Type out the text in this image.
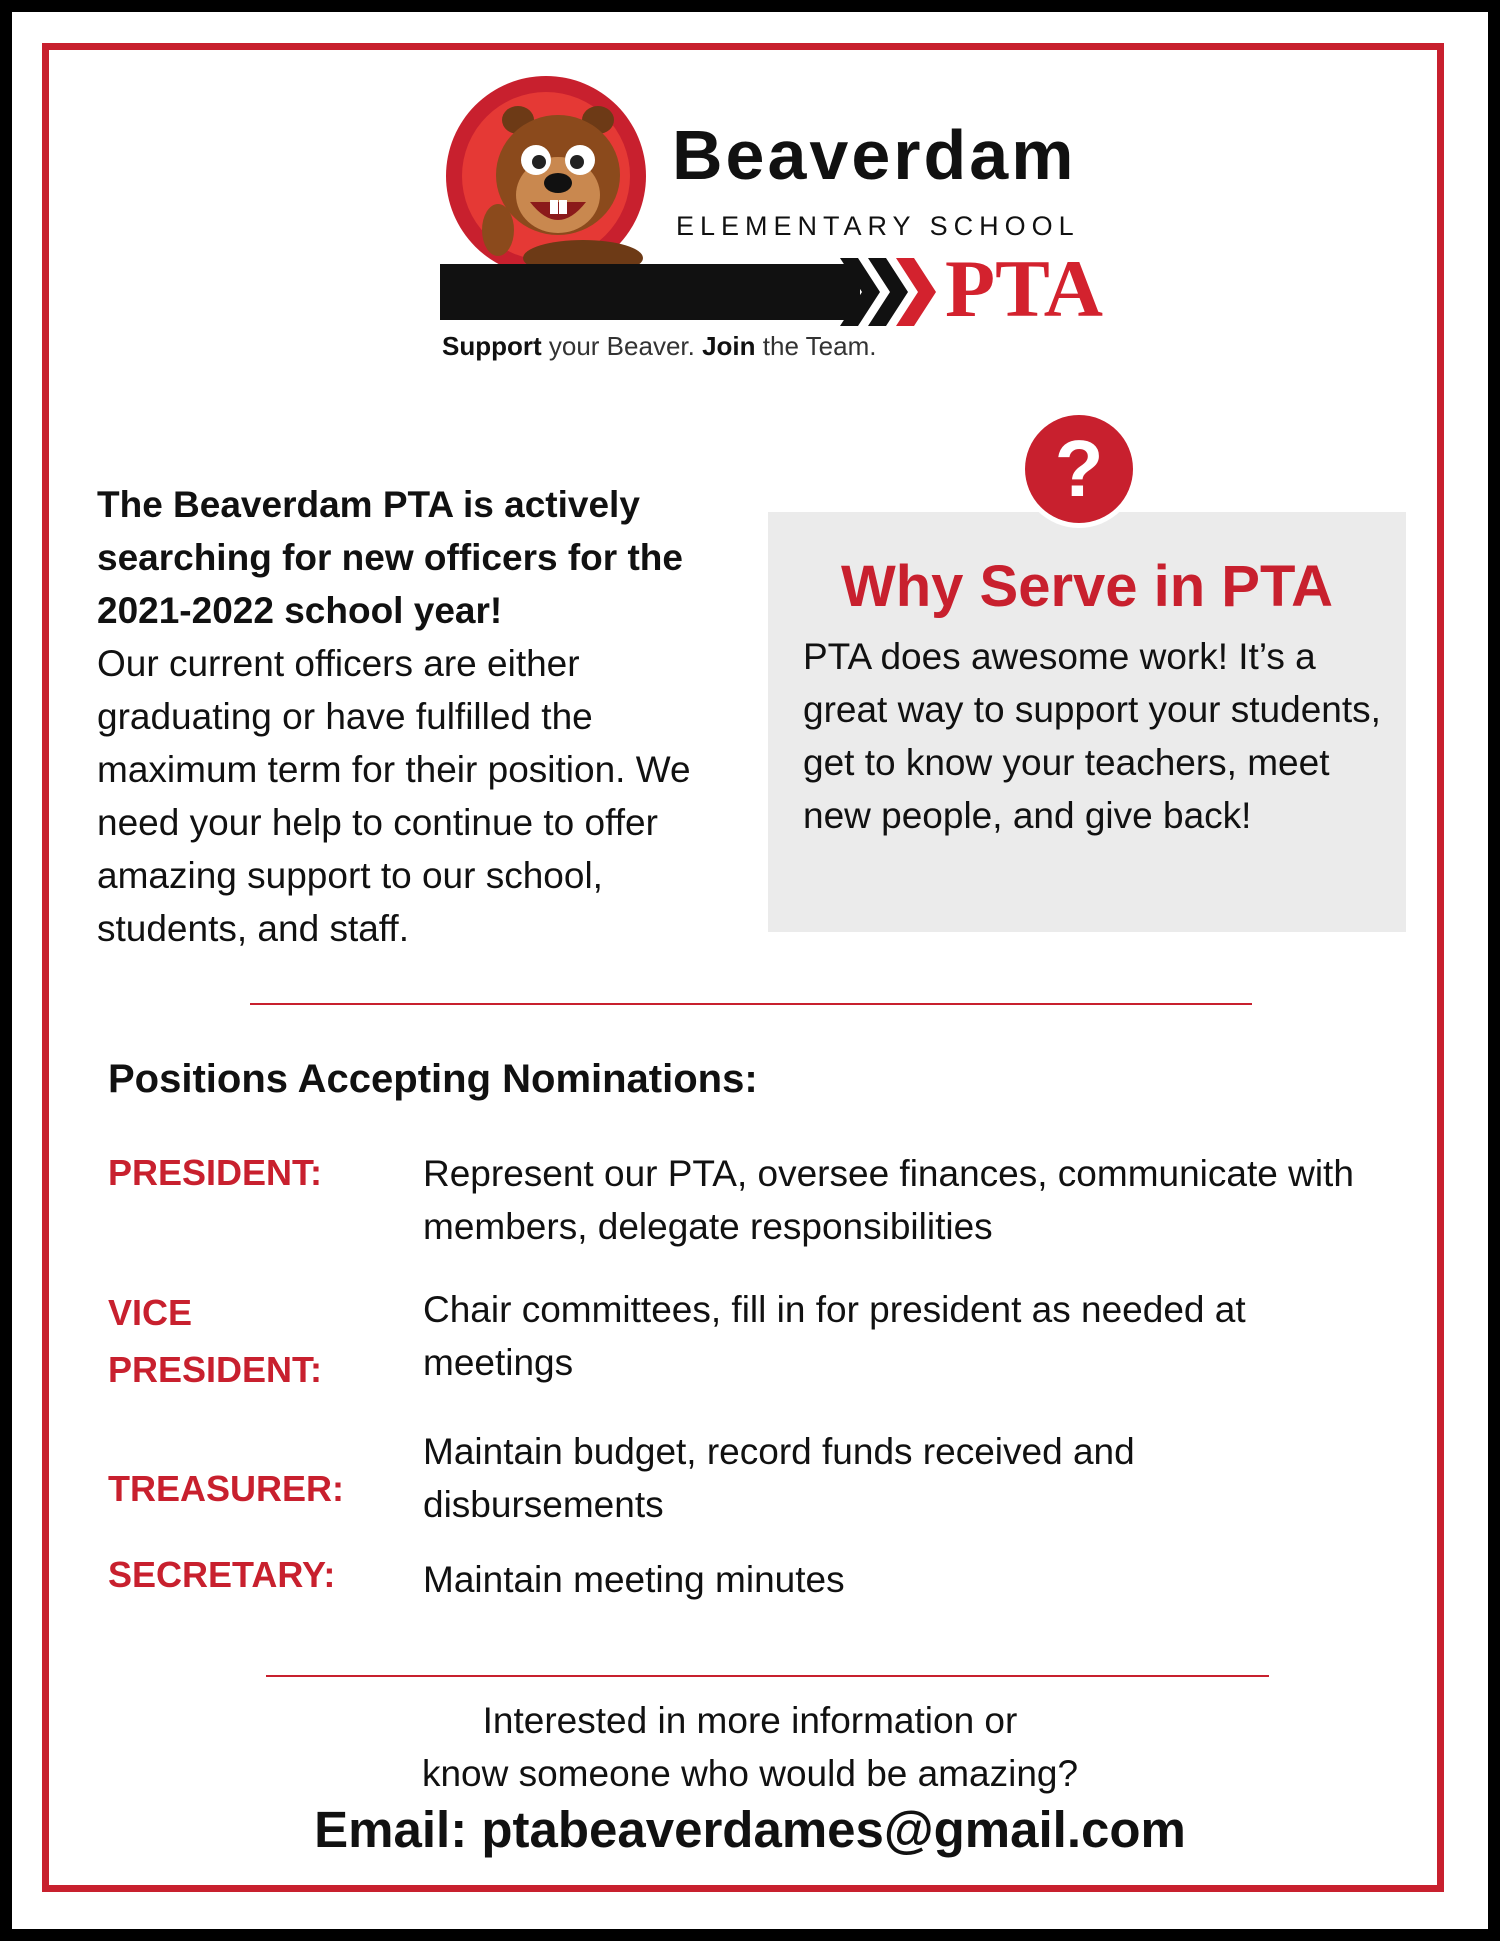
Beaverdam
ELEMENTARY SCHOOL
PTA
Support your Beaver. Join the Team.
The Beaverdam PTA is actively searching for new officers for the 2021-2022 school year!
Our current officers are either graduating or have fulfilled the maximum term for their position. We need your help to continue to offer amazing support to our school, students, and staff.
?
Why Serve in PTA
PTA does awesome work! It’s a great way to support your students, get to know your teachers, meet new people, and give back!
Positions Accepting Nominations:
PRESIDENT:	Represent our PTA, oversee finances, communicate with members, delegate responsibilities
VICE PRESIDENT:
Chair committees, fill in for president as needed at meetings
TREASURER:
Maintain budget, record funds received and disbursements
SECRETARY:	Maintain meeting minutes
Interested in more information or
know someone who would be amazing?
Email: ptabeaverdames@gmail.com
